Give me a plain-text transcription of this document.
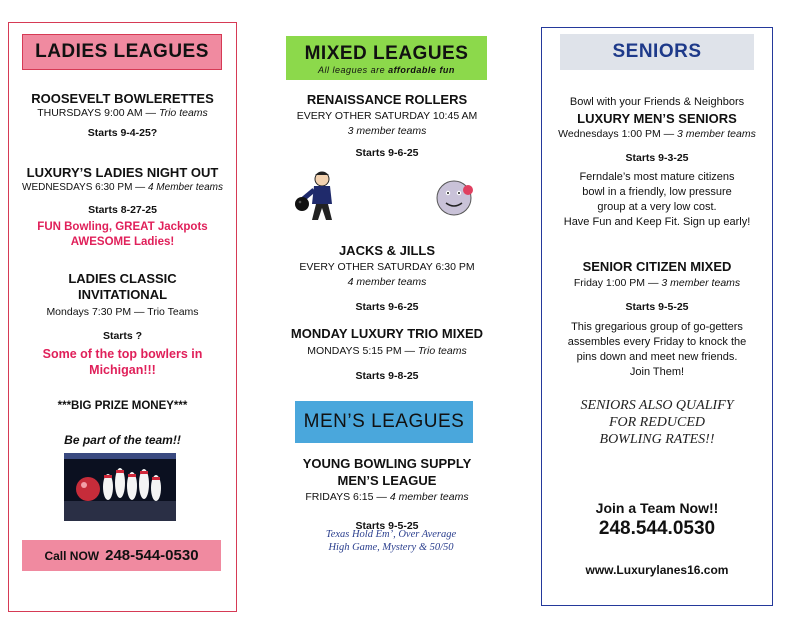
LADIES LEAGUES
ROOSEVELT BOWLERETTES
THURSDAYS 9:00 AM — Trio teams
Starts 9-4-25?
LUXURY’S LADIES NIGHT OUT
WEDNESDAYS 6:30 PM — 4 Member teams
Starts 8-27-25
FUN Bowling, GREAT Jackpots
AWESOME Ladies!
LADIES CLASSIC
INVITATIONAL
Mondays 7:30 PM — Trio Teams
Starts ?
Some of the top bowlers in
Michigan!!!
***BIG PRIZE MONEY***
Be part of the team!!
Call NOW 248-544-0530
MIXED LEAGUES
All leagues are affordable fun
RENAISSANCE ROLLERS
EVERY OTHER SATURDAY 10:45 AM
3 member teams
Starts 9-6-25
JACKS & JILLS
EVERY OTHER SATURDAY 6:30 PM
4 member teams
Starts 9-6-25
MONDAY LUXURY TRIO MIXED
MONDAYS 5:15 PM — Trio teams
Starts 9-8-25
MEN’S LEAGUES
YOUNG BOWLING SUPPLY
MEN’S LEAGUE
FRIDAYS 6:15 — 4 member teams
Starts 9-5-25
Texas Hold Em’, Over Average
High Game, Mystery & 50/50
SENIORS
Bowl with your Friends & Neighbors
LUXURY MEN’S SENIORS
Wednesdays 1:00 PM — 3 member teams
Starts 9-3-25
Ferndale’s most mature citizens
bowl in a friendly, low pressure
group at a very low cost.
Have Fun and Keep Fit. Sign up early!
SENIOR CITIZEN MIXED
Friday 1:00 PM — 3 member teams
Starts 9-5-25
This gregarious group of go-getters
assembles every Friday to knock the
pins down and meet new friends.
Join Them!
SENIORS ALSO QUALIFY
FOR REDUCED
BOWLING RATES!!
Join a Team Now!!
248.544.0530
www.Luxurylanes16.com
